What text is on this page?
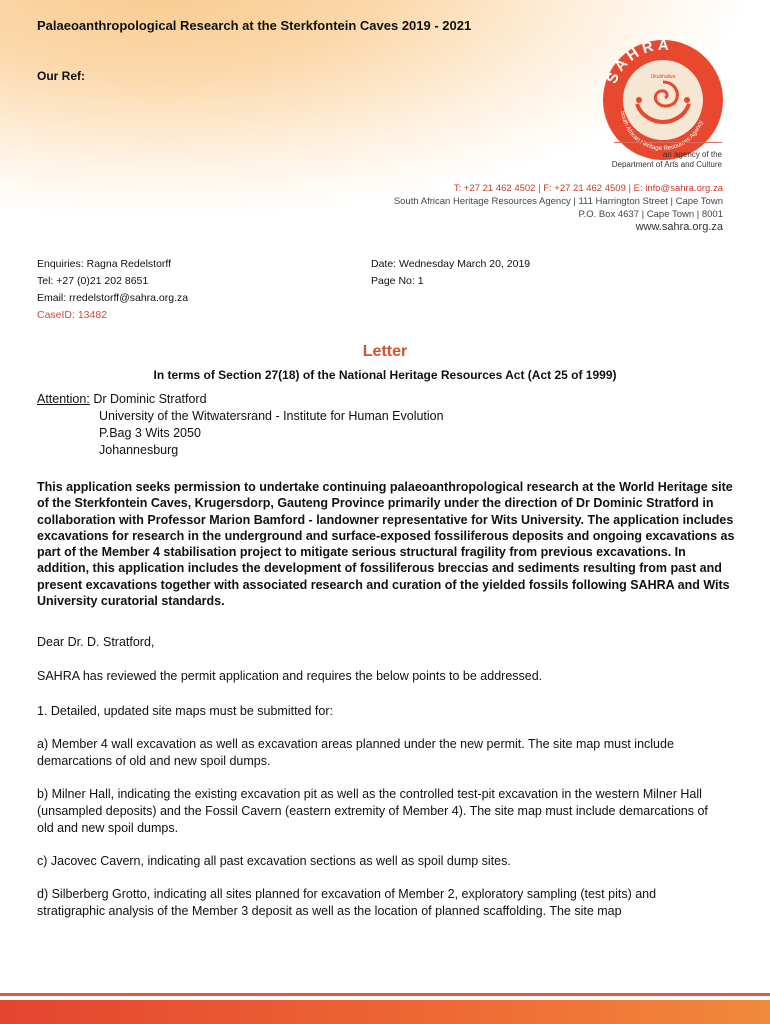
Palaeoanthropological Research at the Sterkfontein Caves 2019 - 2021
Our Ref:	S A H R A
South African Heritage Resources Agency
Ukubhalwa
an agency of the
Department of Arts and Culture
T: +27 21 462 4502 | F: +27 21 462 4509 | E: info@sahra.org.za
South African Heritage Resources Agency | 111 Harrington Street | Cape Town
P.O. Box 4637 | Cape Town | 8001
www.sahra.org.za
Enquiries: Ragna Redelstorff
Tel: +27 (0)21 202 8651
Email: rredelstorff@sahra.org.za
CaseID: 13482
Date: Wednesday March 20, 2019
Page No: 1
Letter
In terms of Section 27(18) of the National Heritage Resources Act (Act 25 of 1999)
Attention: Dr Dominic Stratford
University of the Witwatersrand - Institute for Human Evolution
P.Bag 3 Wits 2050
Johannesburg
This application seeks permission to undertake continuing palaeoanthropological research at the World Heritage site of the Sterkfontein Caves, Krugersdorp, Gauteng Province primarily under the direction of Dr Dominic Stratford in collaboration with Professor Marion Bamford - landowner representative for Wits University. The application includes excavations for research in the underground and surface-exposed fossiliferous deposits and ongoing excavations as part of the Member 4 stabilisation project to mitigate serious structural fragility from previous excavations. In addition, this application includes the development of fossiliferous breccias and sediments resulting from past and present excavations together with associated research and curation of the yielded fossils following SAHRA and Wits University curatorial standards.
Dear Dr. D. Stratford,
SAHRA has reviewed the permit application and requires the below points to be addressed.
1. Detailed, updated site maps must be submitted for:
a) Member 4 wall excavation as well as excavation areas planned under the new permit. The site map must include demarcations of old and new spoil dumps.
b) Milner Hall, indicating the existing excavation pit as well as the controlled test-pit excavation in the western Milner Hall (unsampled deposits) and the Fossil Cavern (eastern extremity of Member 4). The site map must include demarcations of old and new spoil dumps.
c) Jacovec Cavern, indicating all past excavation sections as well as spoil dump sites.
d) Silberberg Grotto, indicating all sites planned for excavation of Member 2, exploratory sampling (test pits) and stratigraphic analysis of the Member 3 deposit as well as the location of planned scaffolding. The site map
